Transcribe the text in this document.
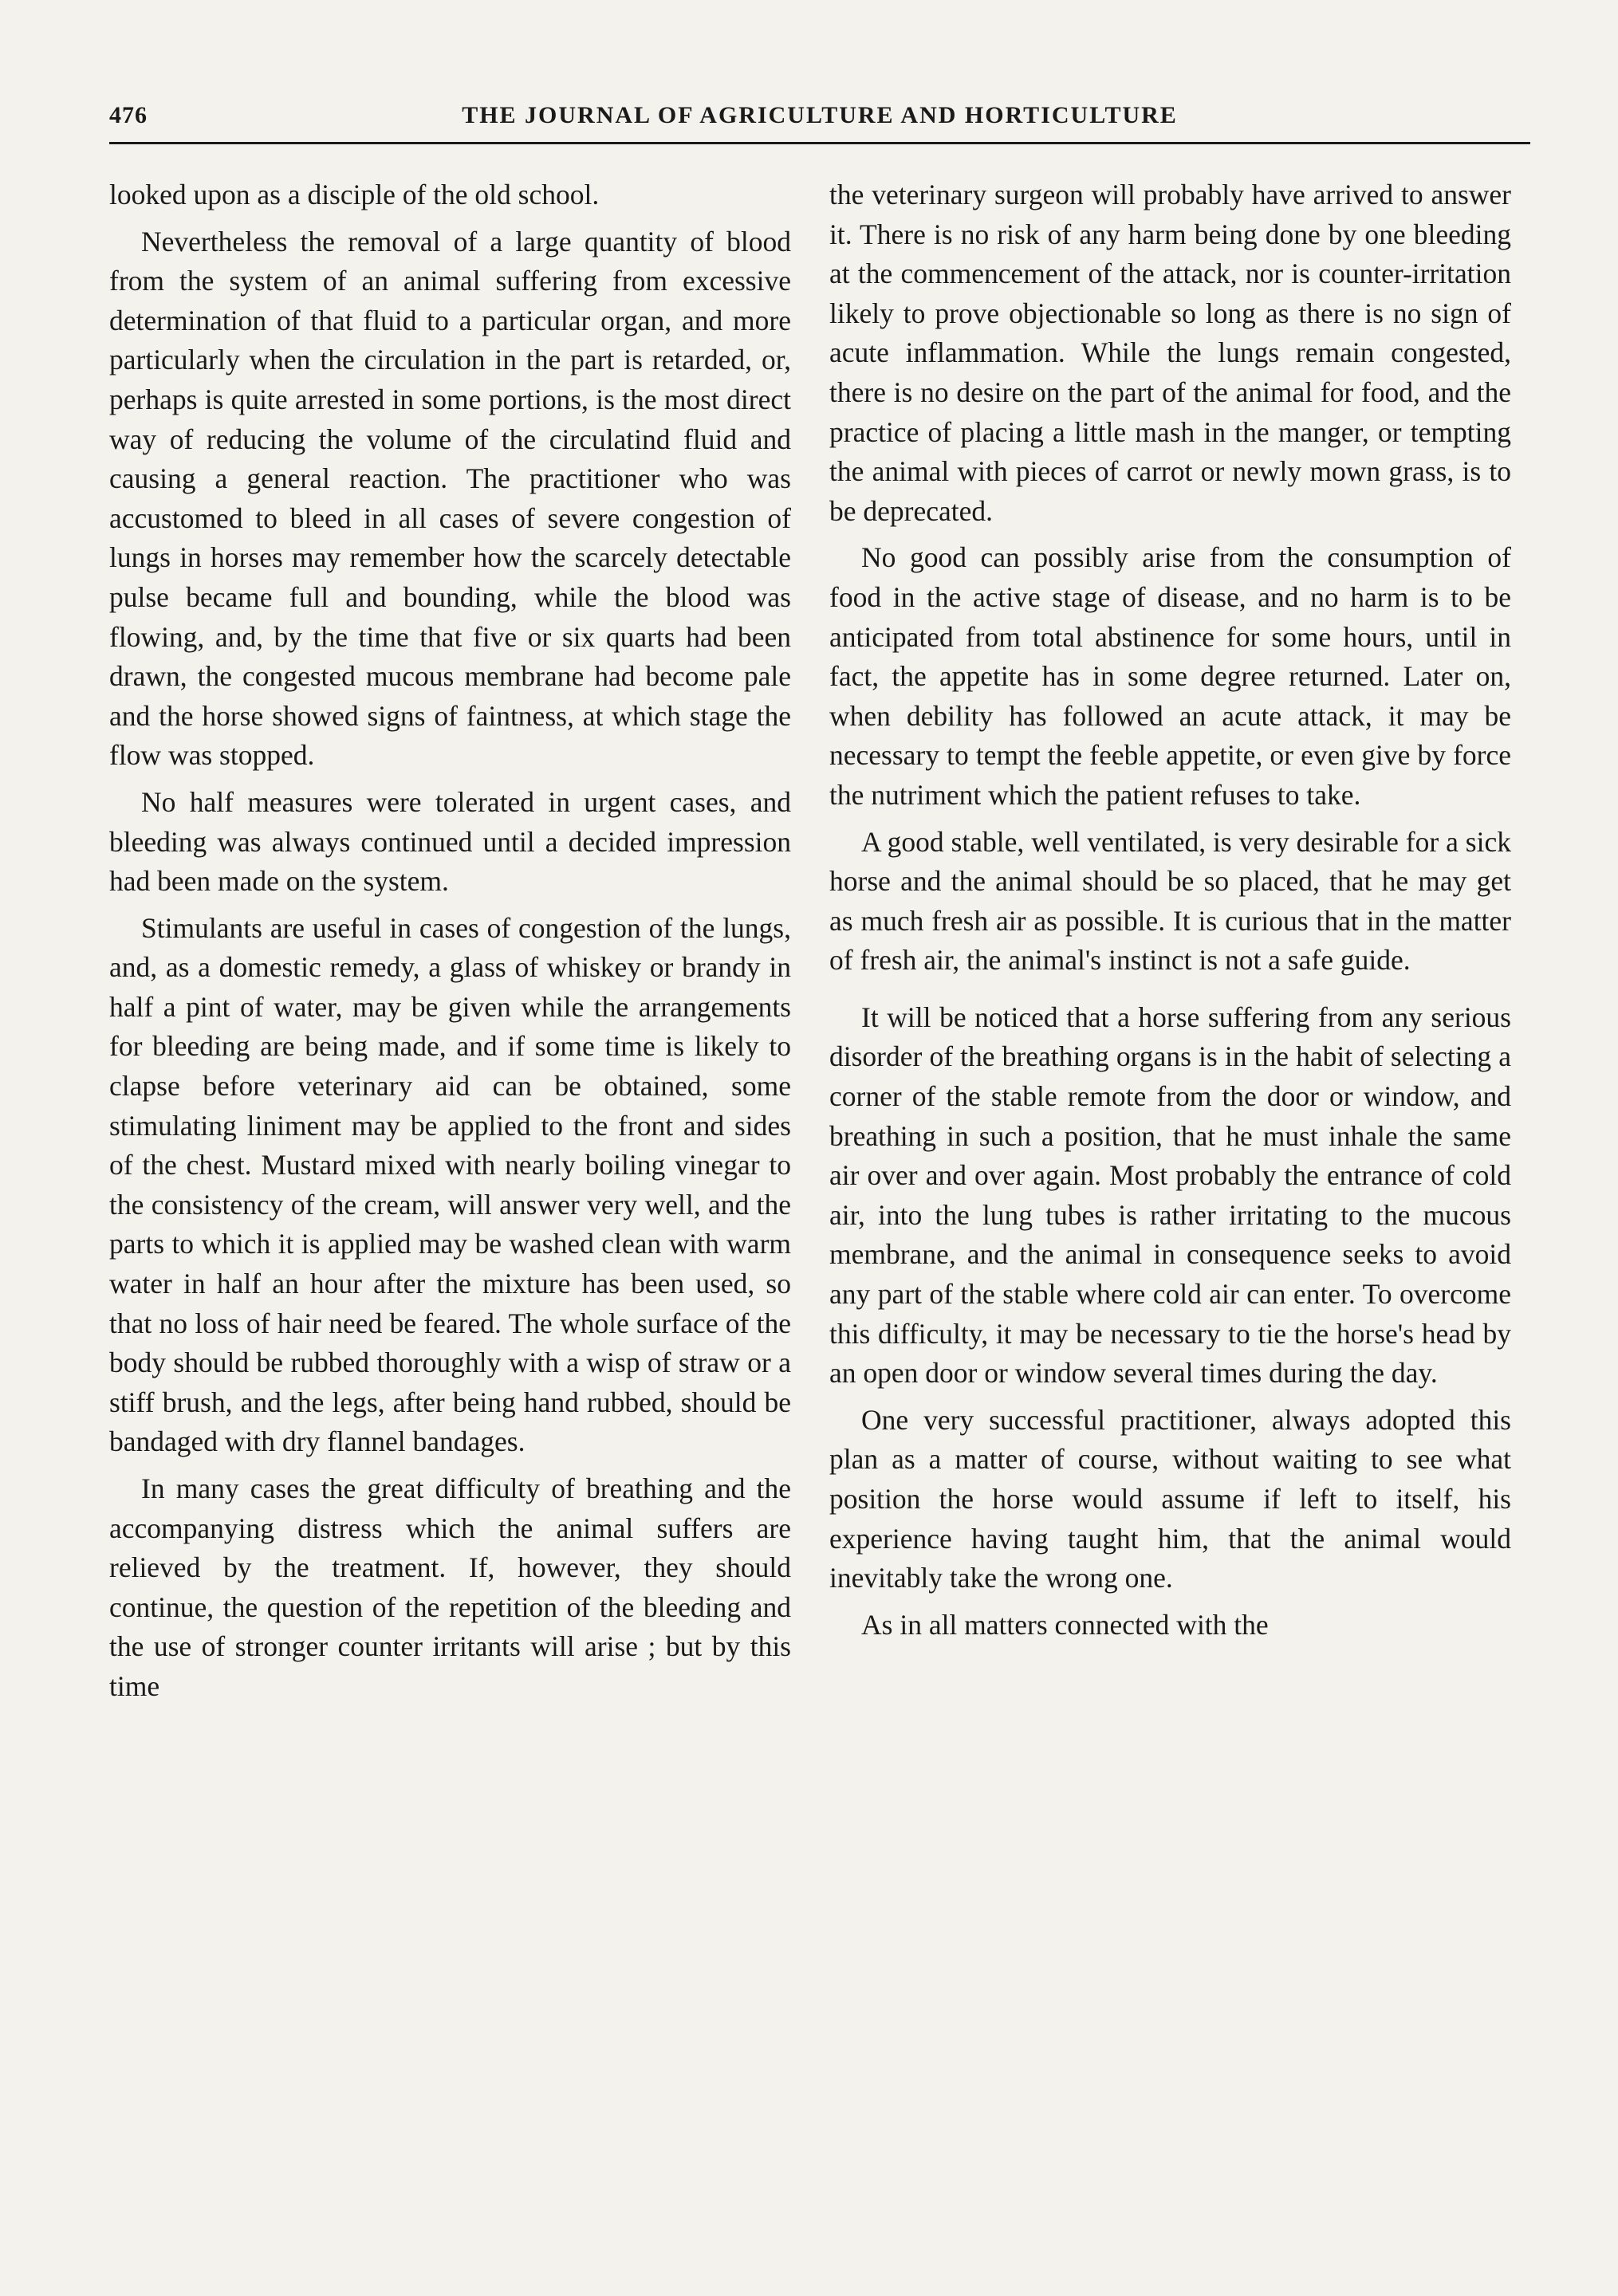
476	THE JOURNAL OF AGRICULTURE AND HORTICULTURE

looked upon as a disciple of the old school.

Nevertheless the removal of a large quantity of blood from the system of an animal suffering from excessive determination of that fluid to a particular organ, and more particularly when the circulation in the part is retarded, or, perhaps is quite arrested in some portions, is the most direct way of reducing the volume of the circulatind fluid and causing a general reaction. The practitioner who was accustomed to bleed in all cases of severe congestion of lungs in horses may remember how the scarcely detectable pulse became full and bounding, while the blood was flowing, and, by the time that five or six quarts had been drawn, the congested mucous membrane had become pale and the horse showed signs of faintness, at which stage the flow was stopped.

No half measures were tolerated in urgent cases, and bleeding was always continued until a decided impression had been made on the system.

Stimulants are useful in cases of congestion of the lungs, and, as a domestic remedy, a glass of whiskey or brandy in half a pint of water, may be given while the arrangements for bleeding are being made, and if some time is likely to clapse before veterinary aid can be obtained, some stimulating liniment may be applied to the front and sides of the chest. Mustard mixed with nearly boiling vinegar to the consistency of the cream, will answer very well, and the parts to which it is applied may be washed clean with warm water in half an hour after the mixture has been used, so that no loss of hair need be feared. The whole surface of the body should be rubbed thoroughly with a wisp of straw or a stiff brush, and the legs, after being hand rubbed, should be bandaged with dry flannel bandages.

In many cases the great difficulty of breathing and the accompanying distress which the animal suffers are relieved by the treatment. If, however, they should continue, the question of the repetition of the bleeding and the use of stronger counter irritants will arise ; but by this time

the veterinary surgeon will probably have arrived to answer it. There is no risk of any harm being done by one bleeding at the commencement of the attack, nor is counter-irritation likely to prove objectionable so long as there is no sign of acute inflammation. While the lungs remain congested, there is no desire on the part of the animal for food, and the practice of placing a little mash in the manger, or tempting the animal with pieces of carrot or newly mown grass, is to be deprecated.

No good can possibly arise from the consumption of food in the active stage of disease, and no harm is to be anticipated from total abstinence for some hours, until in fact, the appetite has in some degree returned. Later on, when debility has followed an acute attack, it may be necessary to tempt the feeble appetite, or even give by force the nutriment which the patient refuses to take.

A good stable, well ventilated, is very desirable for a sick horse and the animal should be so placed, that he may get as much fresh air as possible. It is curious that in the matter of fresh air, the animal's instinct is not a safe guide.

It will be noticed that a horse suffering from any serious disorder of the breathing organs is in the habit of selecting a corner of the stable remote from the door or window, and breathing in such a position, that he must inhale the same air over and over again. Most probably the entrance of cold air, into the lung tubes is rather irritating to the mucous membrane, and the animal in consequence seeks to avoid any part of the stable where cold air can enter. To overcome this difficulty, it may be necessary to tie the horse's head by an open door or window several times during the day.

One very successful practitioner, always adopted this plan as a matter of course, without waiting to see what position the horse would assume if left to itself, his experience having taught him, that the animal would inevitably take the wrong one.

As in all matters connected with the
